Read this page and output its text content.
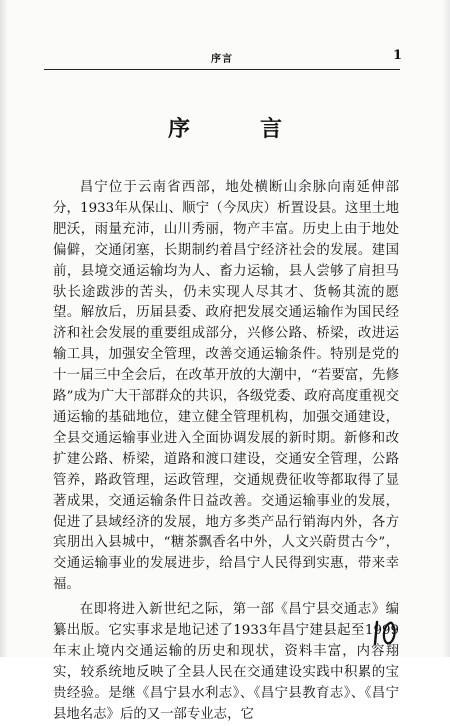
序言	1
序　言

昌宁位于云南省西部，地处横断山余脉向南延伸部分，1933年从保山、顺宁（今凤庆）析置设县。这里土地肥沃，雨量充沛，山川秀丽，物产丰富。历史上由于地处偏僻，交通闭塞，长期制约着昌宁经济社会的发展。建国前，县境交通运输均为人、畜力运输，县人尝够了肩担马驮长途跋涉的苦头，仍未实现人尽其才、货畅其流的愿望。解放后，历届县委、政府把发展交通运输作为国民经济和社会发展的重要组成部分，兴修公路、桥梁，改进运输工具，加强安全管理，改善交通运输条件。特别是党的十一届三中全会后，在改革开放的大潮中，“若要富，先修路”成为广大干部群众的共识，各级党委、政府高度重视交通运输的基础地位，建立健全管理机构，加强交通建设，全县交通运输事业进入全面协调发展的新时期。新修和改扩建公路、桥梁，道路和渡口建设，交通安全管理，公路管养，路政管理，运政管理，交通规费征收等都取得了显著成果，交通运输条件日益改善。交通运输事业的发展，促进了县域经济的发展，地方多类产品行销海内外，各方宾朋出入县城中，“糖茶飘香名中外，人文兴蔚贯古今”，交通运输事业的发展进步，给昌宁人民得到实惠，带来幸福。

在即将进入新世纪之际，第一部《昌宁县交通志》编纂出版。它实事求是地记述了1933年昌宁建县起至1999年末止境内交通运输的历史和现状，资料丰富，内容翔实，较系统地反映了全县人民在交通建设实践中积累的宝贵经验。是继《昌宁县水利志》、《昌宁县教育志》、《昌宁县地名志》后的又一部专业志，它
